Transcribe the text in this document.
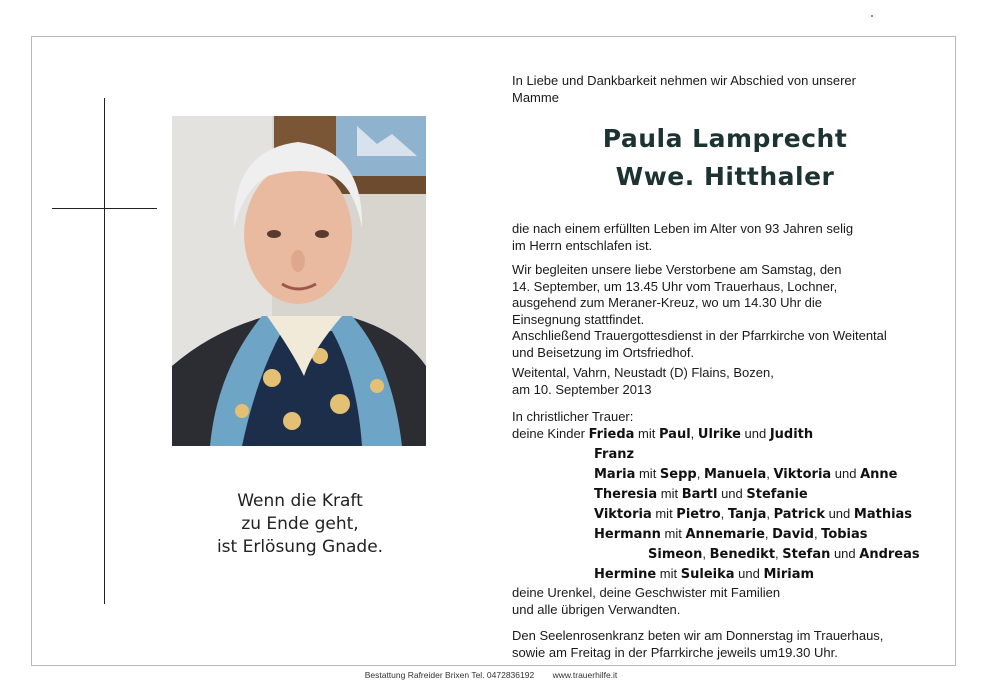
Wenn die Kraft
zu Ende geht,
ist Erlösung Gnade.
In Liebe und Dankbarkeit nehmen wir Abschied von unserer
Mamme
Paula Lamprecht
Wwe. Hitthaler
die nach einem erfüllten Leben im Alter von 93 Jahren selig
im Herrn entschlafen ist.
Wir begleiten unsere liebe Verstorbene am Samstag, den
14. September, um 13.45 Uhr vom Trauerhaus, Lochner,
ausgehend zum Meraner-Kreuz, wo um 14.30 Uhr die
Einsegnung stattfindet.
Anschließend Trauergottesdienst in der Pfarrkirche von Weitental
und Beisetzung im Ortsfriedhof.
Weitental, Vahrn, Neustadt (D) Flains, Bozen,
am 10. September 2013
In christlicher Trauer:
deine Kinder Frieda mit Paul, Ulrike und Judith
Franz
Maria mit Sepp, Manuela, Viktoria und Anne
Theresia mit Bartl und Stefanie
Viktoria mit Pietro, Tanja, Patrick und Mathias
Hermann mit Annemarie, David, Tobias
Simeon, Benedikt, Stefan und Andreas
Hermine mit Suleika und Miriam
deine Urenkel, deine Geschwister mit Familien
und alle übrigen Verwandten.
Den Seelenrosenkranz beten wir am Donnerstag im Trauerhaus,
sowie am Freitag in der Pfarrkirche jeweils um19.30 Uhr.
Bestattung Rafreider Brixen Tel. 0472836192 www.trauerhilfe.it
